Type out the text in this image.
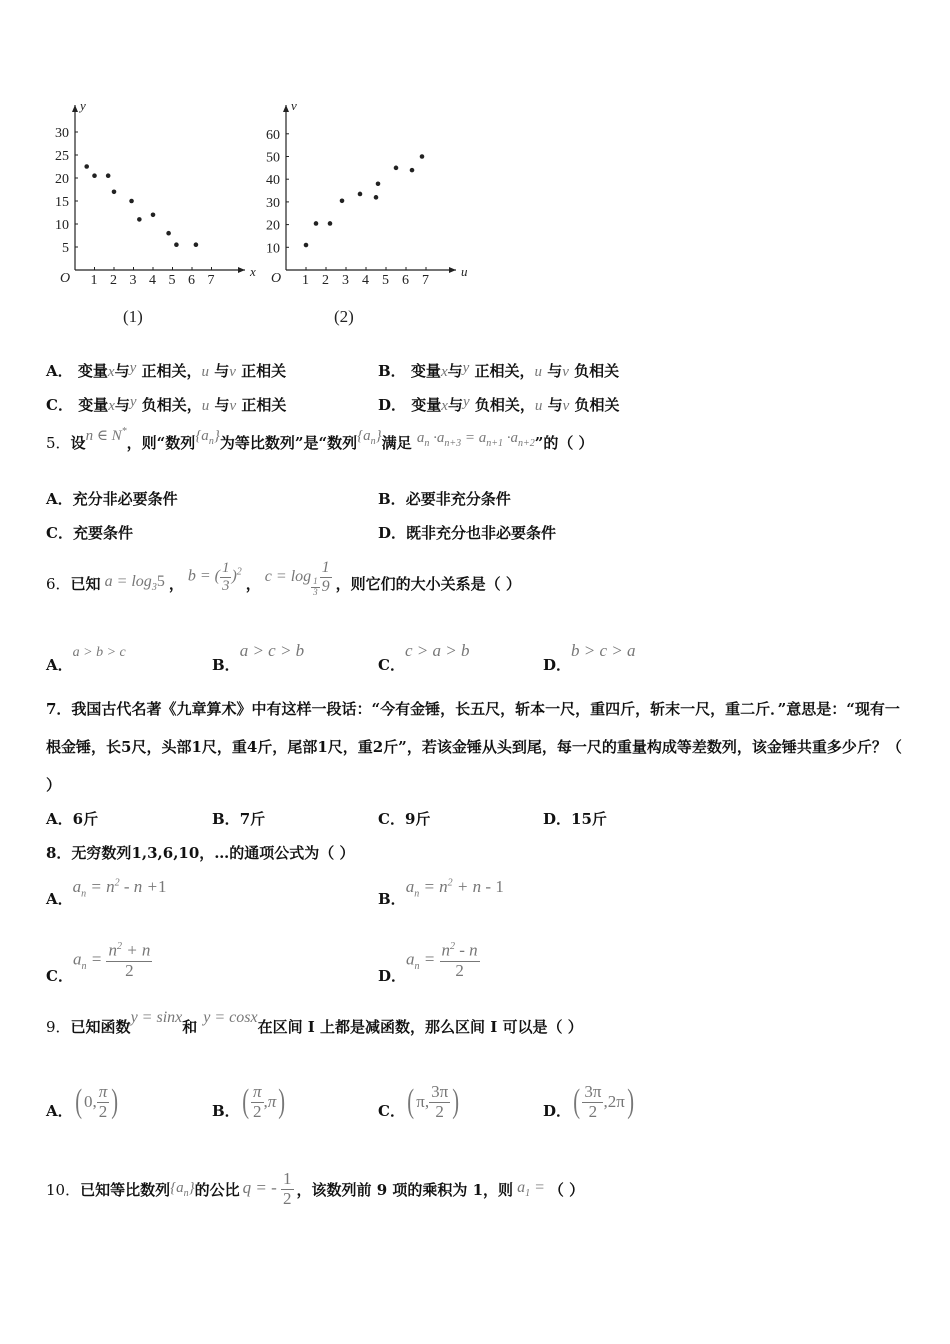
x
y
O 1 2 3 4 5 6 7
5
10
15
20
25
30
(1)
u
v
O 1 2 3 4 5 6 7
10
20
30
40
50
60
(2)
A． 变量x与y 正相关，u 与v 正相关	B． 变量x与y 正相关，u 与v 负相关
C． 变量x与y 负相关，u 与v 正相关	D． 变量x与y 负相关，u 与v 负相关
5．设n ∈ N*，则“数列$\{a_n\}$为等比数列”是“数列$\{a_n\}$满足 $a_n \cdot a_{n+3} = a_{n+1} \cdot a_{n+2}$”的（ ）
A．充分非必要条件	B．必要非充分条件
C．充要条件	D．既非充分也非必要条件
6． 已知 $a = \log_35$ ， b = ( $\frac{1}{3} )^2$
， c = log
$\frac{1}{3} \frac{1}{9}$ ，则它们的大小关系是（ ）
A．a > b > c
B．a > c > b
C．c > a > b
D．b > c > a
7．我国古代名著《九章算术》中有这样一段话：“今有金锤，长五尺，斩本一尺，重四斤，斩末一尺，重二斤．”意思是：“现有一根金锤，长5尺，头部1尺，重4斤，尾部1尺，重2斤”，若该金锤从头到尾，每一尺的重量构成等差数列，该金锤共重多少斤？（ ）
A．6斤	B．7斤	C．9斤	D．15斤
8．无穷数列1,3,6,10，…的通项公式为（ ）
A．$a_n = n^2 - n +1$
B．$a_n = n^2 + n - 1$
C．
$a_n = \frac{n^2 + n}{2}$	D．
$a_n = \frac{n^2 - n}{2}$
9．已知函数y = sinx和y = cosx在区间 I 上都是减函数，那么区间 I 可以是（ ）
A． ( 0, $\frac{\pi}{2}$ )	B． ( $\frac{\pi}{2} ,\pi$ )	C． ( π, $\frac{3\pi}{2}$ )	D． ( $\frac{3\pi}{2} ,2\pi$ )
10． 已知等比数列 $\{a_n\}$ 的公比 q = - $\frac{1}{2}$ ，该数列前 9 项的乘积为 1，则 $a_1$ = （ ）
